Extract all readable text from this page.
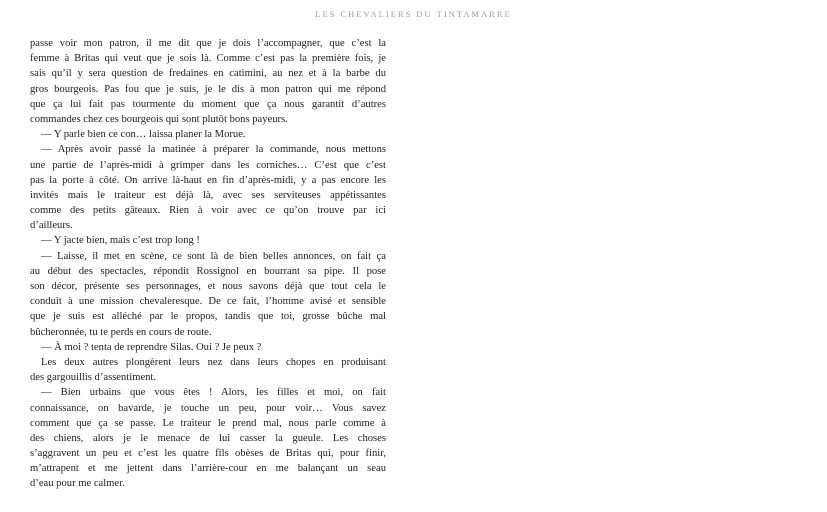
LES CHEVALIERS DU TINTAMARRE
passe voir mon patron, il me dit que je dois l’accompagner, que c’est la
femme à Britas qui veut que je sois là. Comme c’est pas la première fois, je
sais qu’il y sera question de fredaines en catimini, au nez et à la barbe du
gros bourgeois. Pas fou que je suis, je le dis à mon patron qui me répond
que ça lui fait pas tourmente du moment que ça nous garantit d’autres
commandes chez ces bourgeois qui sont plutôt bons payeurs.
— Y parle bien ce con… laissa planer la Morue.
— Après avoir passé la matinée à préparer la commande, nous mettons
une partie de l’après-midi à grimper dans les corniches… C’est que c’est
pas la porte à côté. On arrive là-haut en fin d’après-midi, y a pas encore les
invités mais le traiteur est déjà là, avec ses serviteuses appétissantes
comme des petits gâteaux. Rien à voir avec ce qu’on trouve par ici
d’ailleurs.
— Y jacte bien, mais c’est trop long !
— Laisse, il met en scène, ce sont là de bien belles annonces, on fait ça
au début des spectacles, répondit Rossignol en bourrant sa pipe. Il pose
son décor, présente ses personnages, et nous savons déjà que tout cela le
conduit à une mission chevaleresque. De ce fait, l’homme avisé et sensible
que je suis est alléché par le propos, tandis que toi, grosse bûche mal
bûcheronnée, tu te perds en cours de route.
— À moi ? tenta de reprendre Silas. Oui ? Je peux ?
Les deux autres plongèrent leurs nez dans leurs chopes en produisant
des gargouillis d’assentiment.
— Bien urbains que vous êtes ! Alors, les filles et moi, on fait
connaissance, on bavarde, je touche un peu, pour voir… Vous savez
comment que ça se passe. Le traiteur le prend mal, nous parle comme à
des chiens, alors je le menace de lui casser la gueule. Les choses
s’aggravent un peu et c’est les quatre fils obèses de Britas qui, pour finir,
m’attrapent et me jettent dans l’arrière-cour en me balançant un seau
d’eau pour me calmer.
